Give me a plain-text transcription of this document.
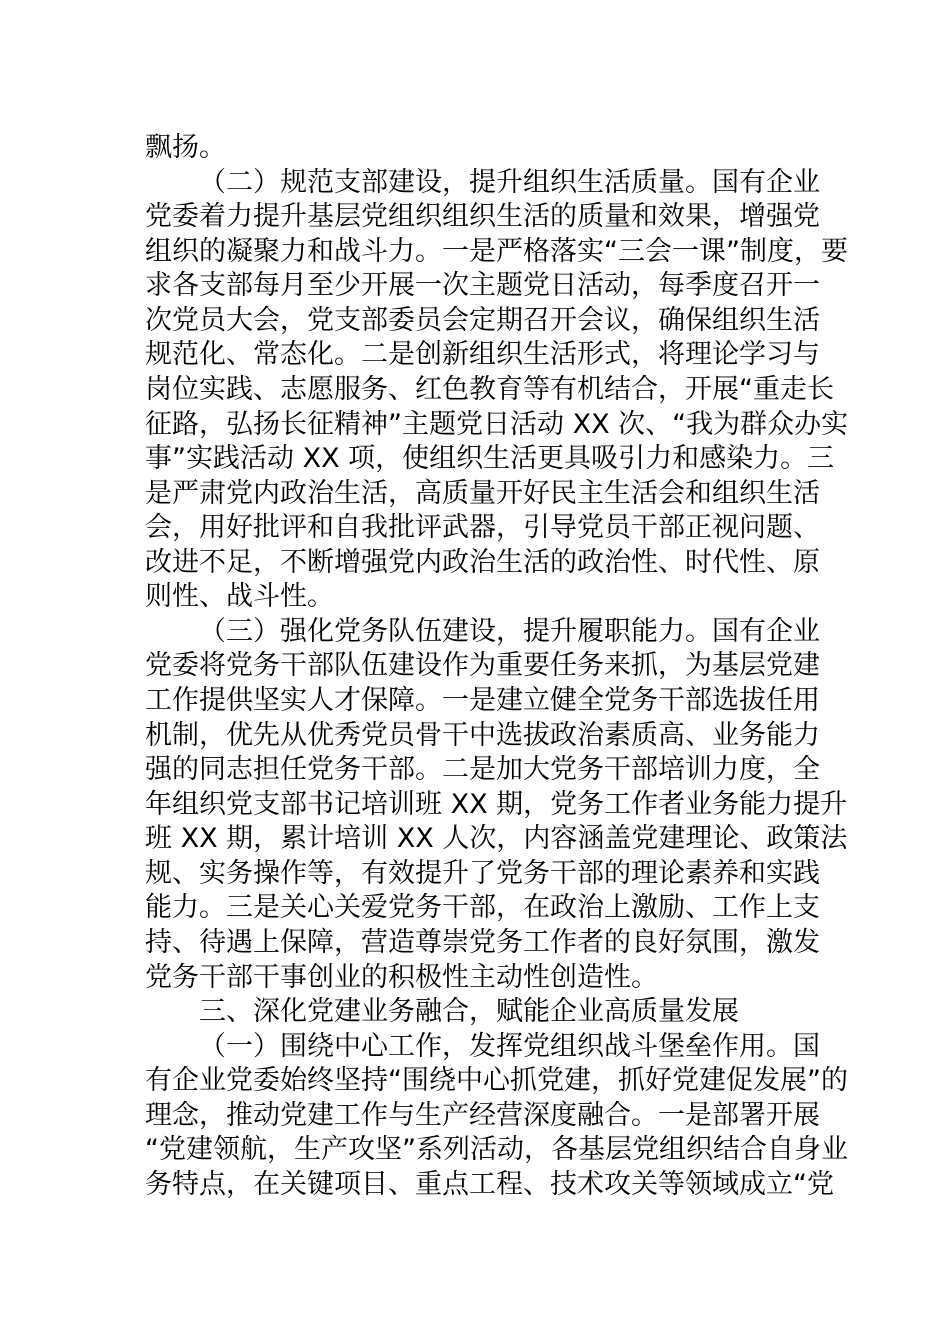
飘扬。
（二）规范支部建设，提升组织生活质量。国有企业
党委着力提升基层党组织组织生活的质量和效果，增强党
组织的凝聚力和战斗力。一是严格落实“三会一课”制度，要
求各支部每月至少开展一次主题党日活动，每季度召开一
次党员大会，党支部委员会定期召开会议，确保组织生活
规范化、常态化。二是创新组织生活形式，将理论学习与
岗位实践、志愿服务、红色教育等有机结合，开展“重走长
征路，弘扬长征精神”主题党日活动 XX 次、“我为群众办实
事”实践活动 XX 项，使组织生活更具吸引力和感染力。三
是严肃党内政治生活，高质量开好民主生活会和组织生活
会，用好批评和自我批评武器，引导党员干部正视问题、
改进不足，不断增强党内政治生活的政治性、时代性、原
则性、战斗性。
（三）强化党务队伍建设，提升履职能力。国有企业
党委将党务干部队伍建设作为重要任务来抓，为基层党建
工作提供坚实人才保障。一是建立健全党务干部选拔任用
机制，优先从优秀党员骨干中选拔政治素质高、业务能力
强的同志担任党务干部。二是加大党务干部培训力度，全
年组织党支部书记培训班 XX 期，党务工作者业务能力提升
班 XX 期，累计培训 XX 人次，内容涵盖党建理论、政策法
规、实务操作等，有效提升了党务干部的理论素养和实践
能力。三是关心关爱党务干部，在政治上激励、工作上支
持、待遇上保障，营造尊崇党务工作者的良好氛围，激发
党务干部干事创业的积极性主动性创造性。
三、深化党建业务融合，赋能企业高质量发展
（一）围绕中心工作，发挥党组织战斗堡垒作用。国
有企业党委始终坚持“围绕中心抓党建，抓好党建促发展”的
理念，推动党建工作与生产经营深度融合。一是部署开展
“党建领航，生产攻坚”系列活动，各基层党组织结合自身业
务特点，在关键项目、重点工程、技术攻关等领域成立“党
